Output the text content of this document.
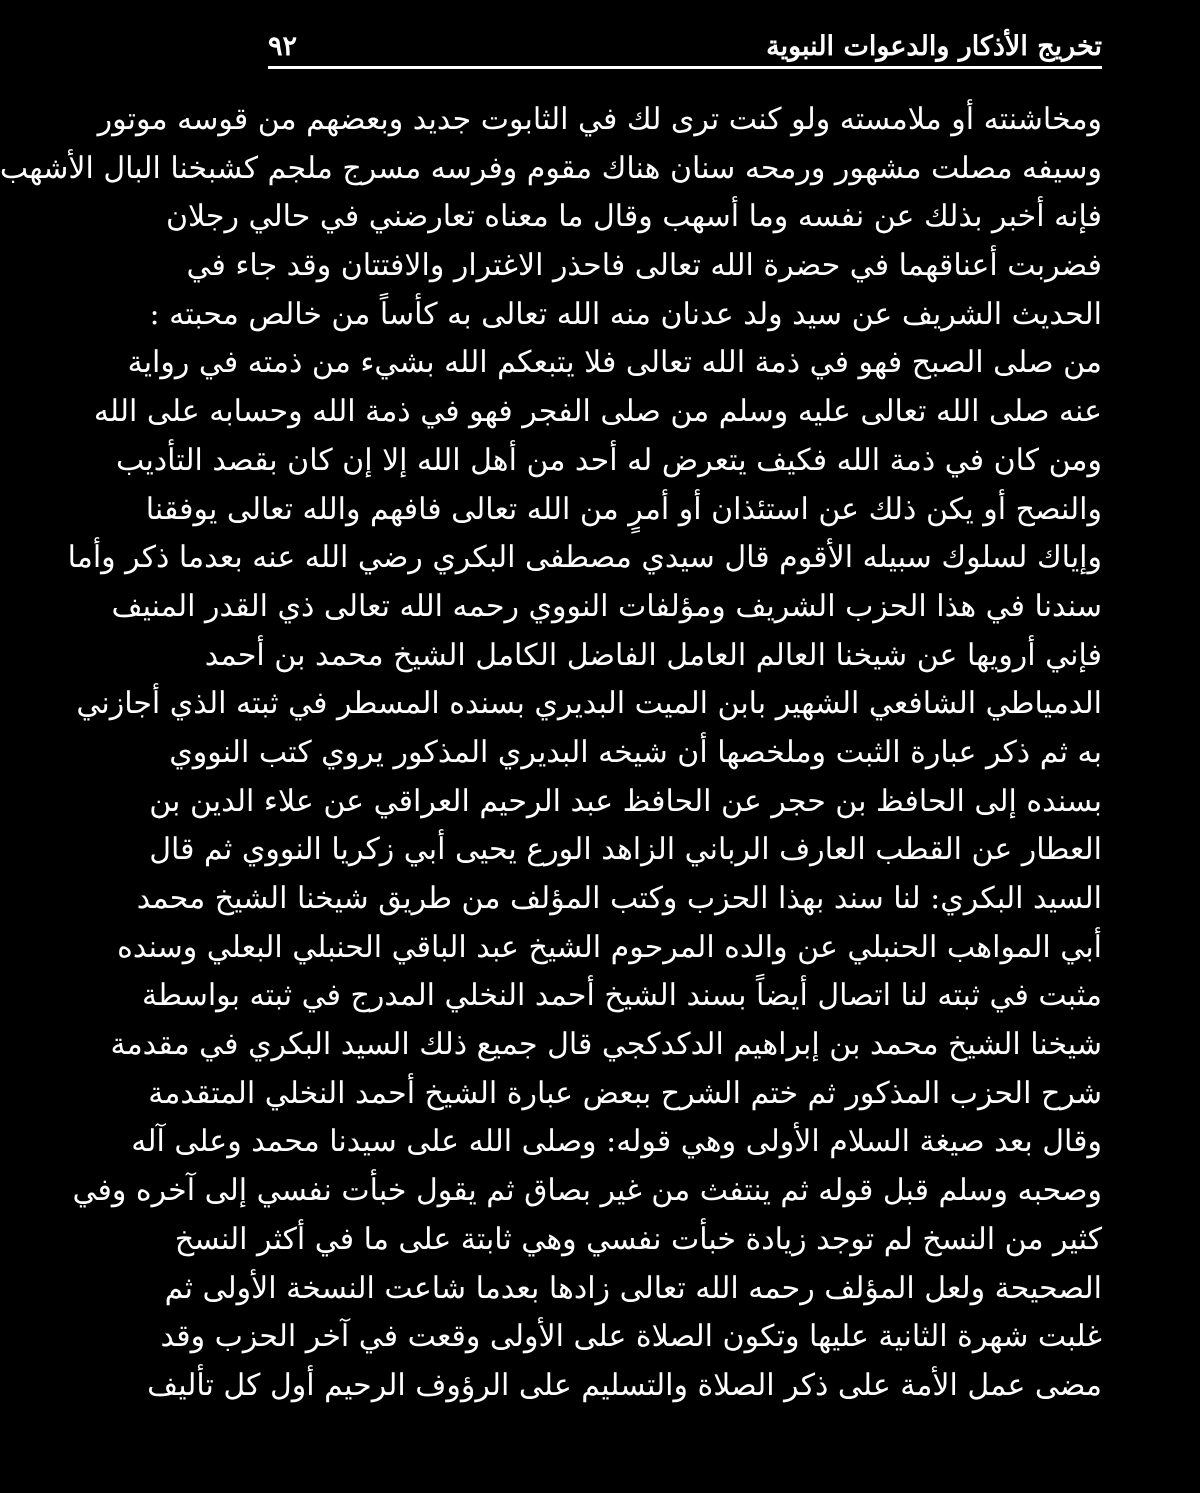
تخريج الأذكار والدعوات النبوية
٩٢
ومخاشنته أو ملامسته ولو كنت ترى لك في الثابوت جديد وبعضهم من قوسه موتور
وسيفه مصلت مشهور ورمحه سنان هناك مقوم وفرسه مسرج ملجم كشبخنا البال الأشهب
فإنه أخبر بذلك عن نفسه وما أسهب وقال ما معناه تعارضني في حالي رجلان
فضربت أعناقهما في حضرة الله تعالى فاحذر الاغترار والافتتان وقد جاء في
الحديث الشريف عن سيد ولد عدنان منه الله تعالى به كأساً من خالص محبته :
من صلى الصبح فهو في ذمة الله تعالى فلا يتبعكم الله بشيء من ذمته في رواية
عنه صلى الله تعالى عليه وسلم من صلى الفجر فهو في ذمة الله وحسابه على الله
ومن كان في ذمة الله فكيف يتعرض له أحد من أهل الله إلا إن كان بقصد التأديب
والنصح أو يكن ذلك عن استئذان أو أمرٍ من الله تعالى فافهم والله تعالى يوفقنا
وإياك لسلوك سبيله الأقوم قال سيدي مصطفى البكري رضي الله عنه بعدما ذكر وأما
سندنا في هذا الحزب الشريف ومؤلفات النووي رحمه الله تعالى ذي القدر المنيف
فإني أرويها عن شيخنا العالم العامل الفاضل الكامل الشيخ محمد بن أحمد
الدمياطي الشافعي الشهير بابن الميت البديري بسنده المسطر في ثبته الذي أجازني
به ثم ذكر عبارة الثبت وملخصها أن شيخه البديري المذكور يروي كتب النووي
بسنده إلى الحافظ بن حجر عن الحافظ عبد الرحيم العراقي عن علاء الدين بن
العطار عن القطب العارف الرباني الزاهد الورع يحيى أبي زكريا النووي ثم قال
السيد البكري: لنا سند بهذا الحزب وكتب المؤلف من طريق شيخنا الشيخ محمد
أبي المواهب الحنبلي عن والده المرحوم الشيخ عبد الباقي الحنبلي البعلي وسنده
مثبت في ثبته لنا اتصال أيضاً بسند الشيخ أحمد النخلي المدرج في ثبته بواسطة
شيخنا الشيخ محمد بن إبراهيم الدكدكجي قال جميع ذلك السيد البكري في مقدمة
شرح الحزب المذكور ثم ختم الشرح ببعض عبارة الشيخ أحمد النخلي المتقدمة
وقال بعد صيغة السلام الأولى وهي قوله: وصلى الله على سيدنا محمد وعلى آله
وصحبه وسلم قبل قوله ثم ينتفث من غير بصاق ثم يقول خبأت نفسي إلى آخره وفي
كثير من النسخ لم توجد زيادة خبأت نفسي وهي ثابتة على ما في أكثر النسخ
الصحيحة ولعل المؤلف رحمه الله تعالى زادها بعدما شاعت النسخة الأولى ثم
غلبت شهرة الثانية عليها وتكون الصلاة على الأولى وقعت في آخر الحزب وقد
مضى عمل الأمة على ذكر الصلاة والتسليم على الرؤوف الرحيم أول كل تأليف
